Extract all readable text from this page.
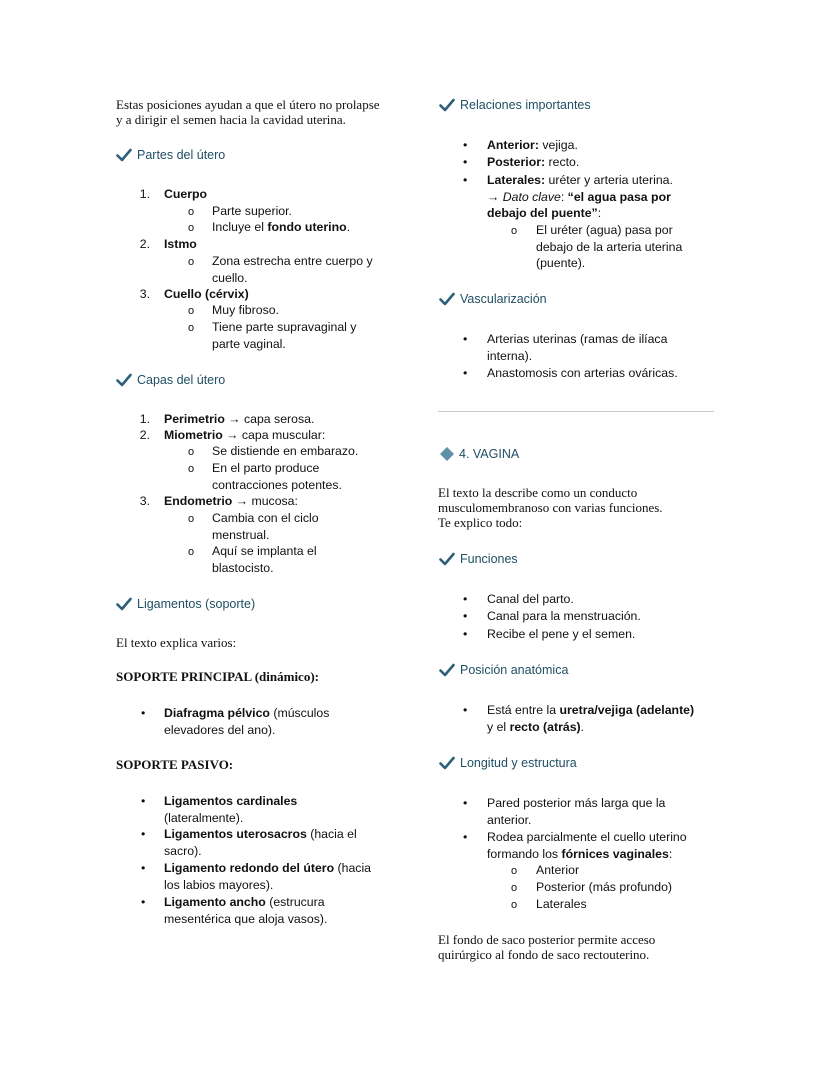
Estas posiciones ayudan a que el útero no prolapse
y a dirigir el semen hacia la cavidad uterina.
Partes del útero
1. Cuerpo
o Parte superior.
o Incluye el fondo uterino.
2. Istmo
o Zona estrecha entre cuerpo y
cuello.
3. Cuello (cérvix)
o Muy fibroso.
o Tiene parte supravaginal y
parte vaginal.
Capas del útero
1. Perimetrio → capa serosa.
2. Miometrio → capa muscular:
o Se distiende en embarazo.
o En el parto produce
contracciones potentes.
3. Endometrio → mucosa:
o Cambia con el ciclo
menstrual.
o Aquí se implanta el
blastocisto.
Ligamentos (soporte)
El texto explica varios:
SOPORTE PRINCIPAL (dinámico):
•	Diafragma pélvico (músculos
elevadores del ano).
SOPORTE PASIVO:
•	Ligamentos cardinales
(lateralmente).
•	Ligamentos uterosacros (hacia el
sacro).
•	Ligamento redondo del útero (hacia
los labios mayores).
•	Ligamento ancho (estrucura
mesentérica que aloja vasos).
Relaciones importantes
•	Anterior: vejiga.
•	Posterior: recto.
•	Laterales: uréter y arteria uterina.
→ Dato clave: “el agua pasa por
debajo del puente”:
o El uréter (agua) pasa por
debajo de la arteria uterina
(puente).
Vascularización
•	Arterias uterinas (ramas de ilíaca
interna).
•	Anastomosis con arterias ováricas.
4. VAGINA
El texto la describe como un conducto
musculomembranoso con varias funciones.
Te explico todo:
Funciones
•	Canal del parto.
•	Canal para la menstruación.
•	Recibe el pene y el semen.
Posición anatómica
•	Está entre la uretra/vejiga (adelante)
y el recto (atrás).
Longitud y estructura
•	Pared posterior más larga que la
anterior.
•	Rodea parcialmente el cuello uterino
formando los fórnices vaginales:
o Anterior
o Posterior (más profundo)
o Laterales
El fondo de saco posterior permite acceso
quirúrgico al fondo de saco rectouterino.
